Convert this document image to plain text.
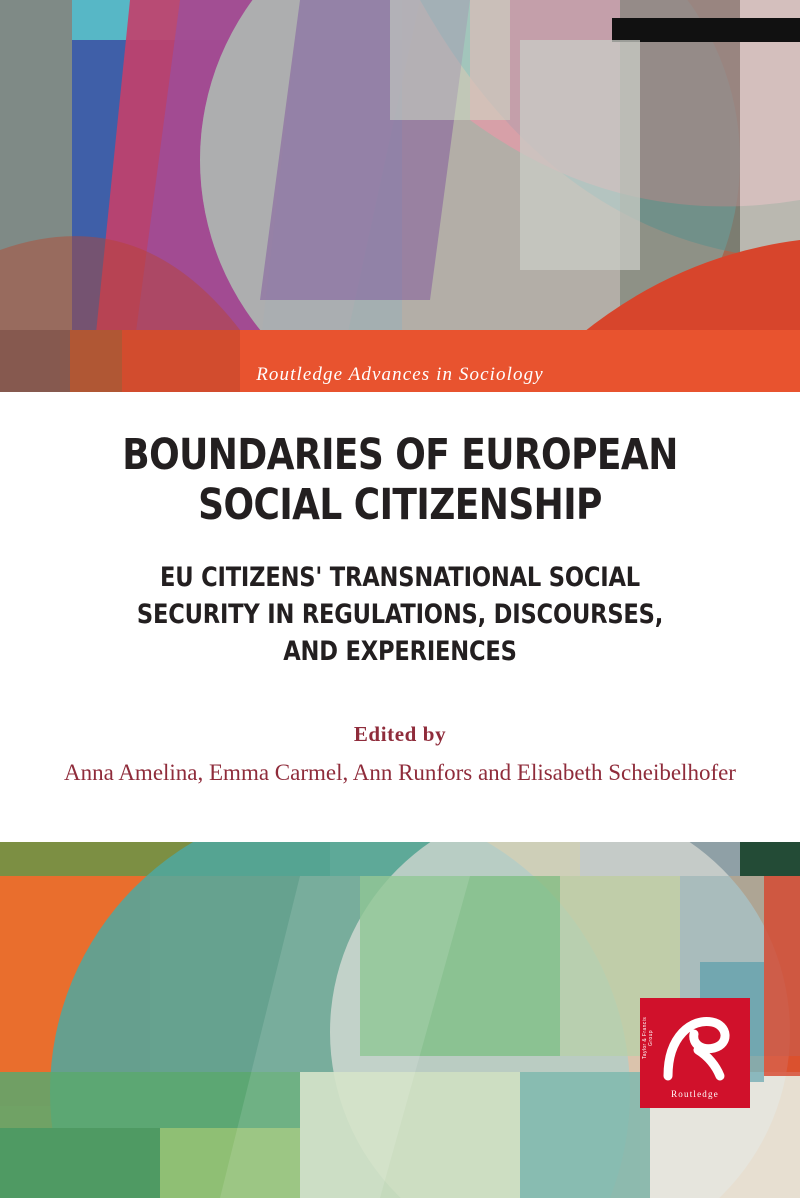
Routledge Advances in Sociology
BOUNDARIES OF EUROPEAN SOCIAL CITIZENSHIP
EU CITIZENS' TRANSNATIONAL SOCIAL SECURITY IN REGULATIONS, DISCOURSES, AND EXPERIENCES
Edited by
Anna Amelina, Emma Carmel, Ann Runfors and Elisabeth Scheibelhofer
Routledge
Taylor & Francis Group
